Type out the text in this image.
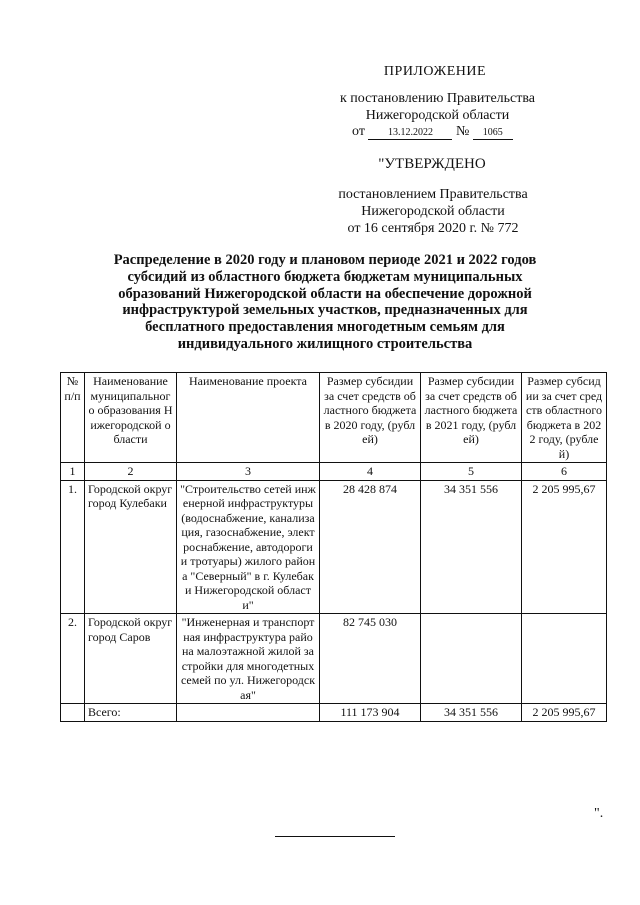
ПРИЛОЖЕНИЕ
к постановлению Правительства
Нижегородской области
от 13.12.2022 № 1065
"УТВЕРЖДЕНО
постановлением Правительства
Нижегородской области
от 16 сентября 2020 г. № 772
Распределение в 2020 году и плановом периоде 2021 и 2022 годов субсидий из областного бюджета бюджетам муниципальных образований Нижегородской области на обеспечение дорожной инфраструктурой земельных участков, предназначенных для бесплатного предоставления многодетным семьям для индивидуального жилищного строительства
№ п/п	Наименование муниципального образования Нижегородской области	Наименование проекта	Размер субсидии за счет средств областного бюджета в 2020 году, (рублей)	Размер субсидии за счет средств областного бюджета в 2021 году, (рублей)	Размер субсидии за счет средств областного бюджета в 2022 году, (рублей)
1	2	3	4	5	6
1.	Городской округ город Кулебаки	"Строительство сетей инженерной инфраструктуры (водоснабжение, канализация, газоснабжение, электроснабжение, автодороги и тротуары) жилого района "Северный" в г. Кулебаки Нижегородской области"	28 428 874	34 351 556	2 205 995,67
2.	Городской округ город Саров	"Инженерная и транспортная инфраструктура района малоэтажной жилой застройки для многодетных семей по ул. Нижегородская"	82 745 030		
	Всего:		111 173 904	34 351 556	2 205 995,67
".
